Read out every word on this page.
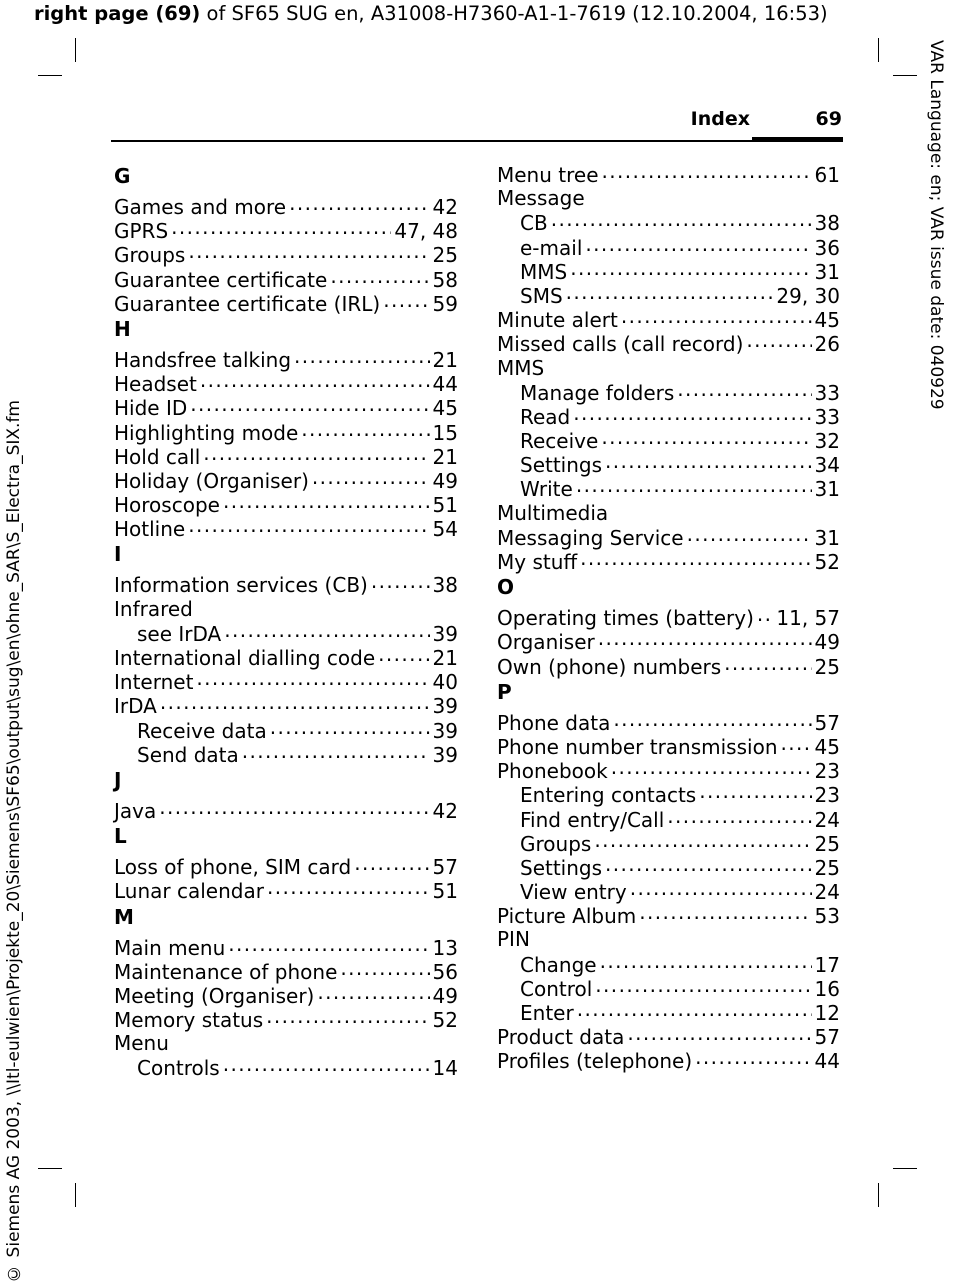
right page (69) of SF65 SUG en, A31008-H7360-A1-1-7619 (12.10.2004, 16:53)
VAR Language: en; VAR issue date: 040929
© Siemens AG 2003, \\Itl-eulwien\Projekte_20\Siemens\SF65\output\sug\en\ohne_SAR\S_Electra_SIX.fm
Index	69
G
Games and more .....	42
GPRS .....	47, 48
Groups .....	25
Guarantee certificate .....	58
Guarantee certificate (IRL) .....	59
H
Handsfree talking .....	21
Headset .....	44
Hide ID .....	45
Highlighting mode .....	15
Hold call .....	21
Holiday (Organiser) .....	49
Horoscope .....	51
Hotline .....	54
I
Information services (CB) .....	38
Infrared
see IrDA .....	39
International dialling code .....	21
Internet .....	40
IrDA .....	39
Receive data .....	39
Send data .....	39
J
Java .....	42
L
Loss of phone, SIM card .....	57
Lunar calendar .....	51
M
Main menu .....	13
Maintenance of phone .....	56
Meeting (Organiser) .....	49
Memory status .....	52
Menu
Controls .....	14
Menu tree .....	61
Message
CB .....	38
e-mail .....	36
MMS .....	31
SMS .....	29, 30
Minute alert .....	45
Missed calls (call record) .....	26
MMS
Manage folders .....	33
Read .....	33
Receive .....	32
Settings .....	34
Write .....	31
Multimedia
Messaging Service .....	31
My stuff .....	52
O
Operating times (battery) ..... 11, 57
Organiser .....	49
Own (phone) numbers .....	25
P
Phone data .....	57
Phone number transmission ..... 45
Phonebook .....	23
Entering contacts .....	23
Find entry/Call .....	24
Groups .....	25
Settings .....	25
View entry .....	24
Picture Album .....	53
PIN
Change .....	17
Control .....	16
Enter .....	12
Product data .....	57
Profiles (telephone) .....	44
